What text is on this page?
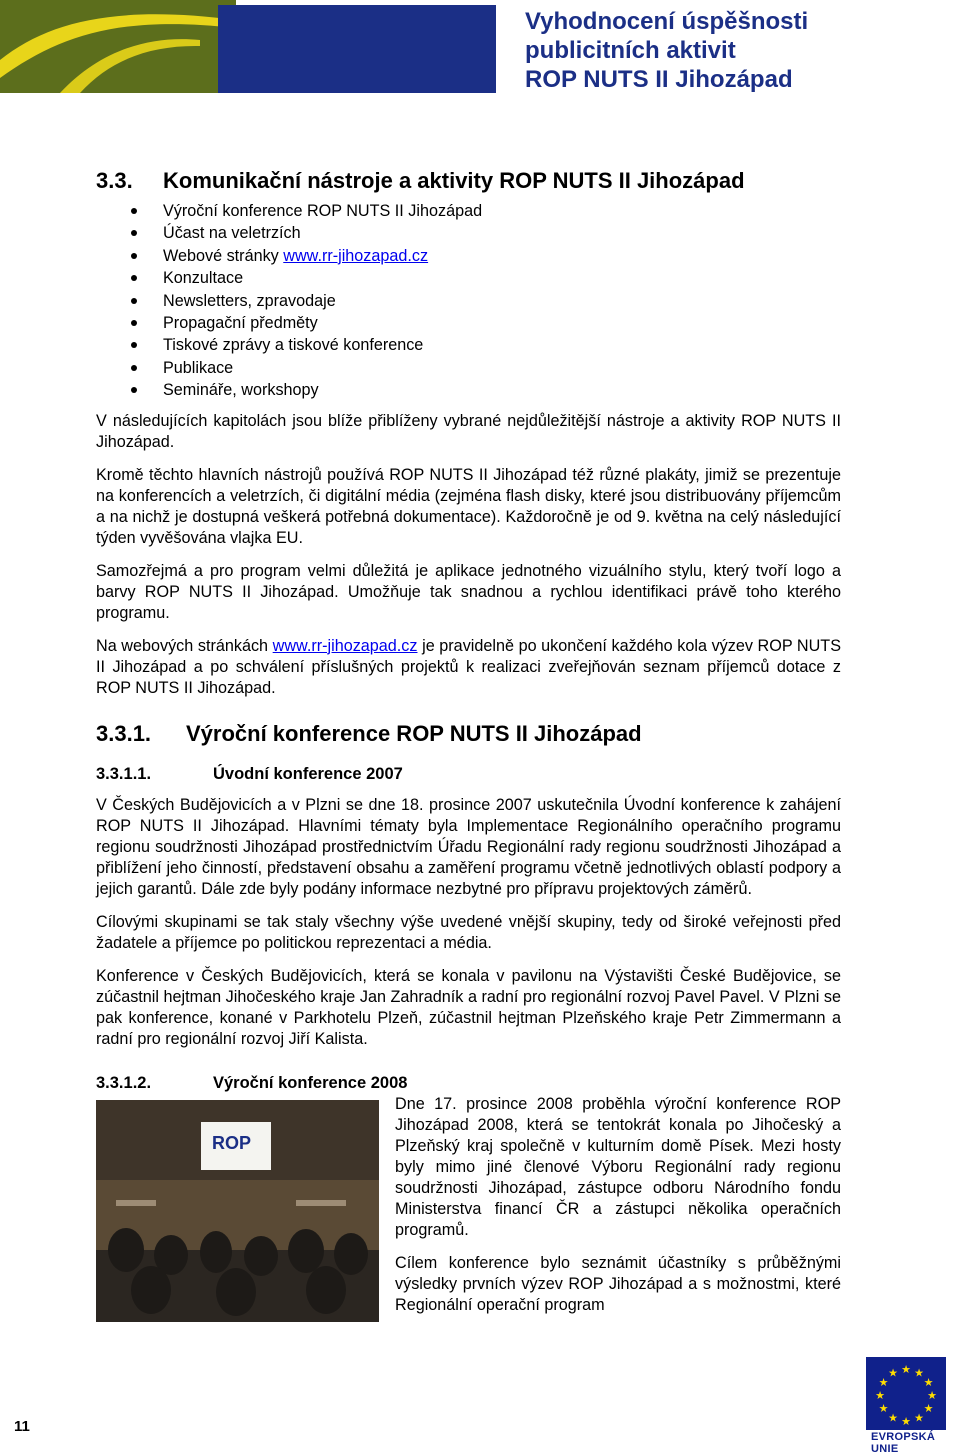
Vyhodnocení úspěšnosti
publicitních aktivit
ROP NUTS II Jihozápad
3.3. Komunikační nástroje a aktivity ROP NUTS II Jihozápad
Výroční konference ROP NUTS II Jihozápad
Účast na veletrzích
Webové stránky www.rr-jihozapad.cz
Konzultace
Newsletters, zpravodaje
Propagační předměty
Tiskové zprávy a tiskové konference
Publikace
Semináře, workshopy

V následujících kapitolách jsou blíže přiblíženy vybrané nejdůležitější nástroje a aktivity ROP NUTS II Jihozápad.

Kromě těchto hlavních nástrojů používá ROP NUTS II Jihozápad též různé plakáty, jimiž se prezentuje na konferencích a veletrzích, či digitální média (zejména flash disky, které jsou distribuovány příjemcům a na nichž je dostupná veškerá potřebná dokumentace). Každoročně je od 9. května na celý následující týden vyvěšována vlajka EU.

Samozřejmá a pro program velmi důležitá je aplikace jednotného vizuálního stylu, který tvoří logo a barvy ROP NUTS II Jihozápad. Umožňuje tak snadnou a rychlou identifikaci právě toho kterého programu.

Na webových stránkách www.rr-jihozapad.cz je pravidelně po ukončení každého kola výzev ROP NUTS II Jihozápad a po schválení příslušných projektů k realizaci zveřejňován seznam příjemců dotace z ROP NUTS II Jihozápad.

3.3.1. Výroční konference ROP NUTS II Jihozápad
3.3.1.1.	Úvodní konference 2007

V Českých Budějovicích a v Plzni se dne 18. prosince 2007 uskutečnila Úvodní konference k zahájení ROP NUTS II Jihozápad. Hlavními tématy byla Implementace Regionálního operačního programu regionu soudržnosti Jihozápad prostřednictvím Úřadu Regionální rady regionu soudržnosti Jihozápad a přiblížení jeho činností, představení obsahu a zaměření programu včetně jednotlivých oblastí podpory a jejich garantů. Dále zde byly podány informace nezbytné pro přípravu projektových záměrů.

Cílovými skupinami se tak staly všechny výše uvedené vnější skupiny, tedy od široké veřejnosti před žadatele a příjemce po politickou reprezentaci a média.

Konference v Českých Budějovicích, která se konala v pavilonu na Výstavišti České Budějovice, se zúčastnil hejtman Jihočeského kraje Jan Zahradník a radní pro regionální rozvoj Pavel Pavel. V Plzni se pak konference, konané v Parkhotelu Plzeň, zúčastnil hejtman Plzeňského kraje Petr Zimmermann a radní pro regionální rozvoj Jiří Kalista.

3.3.1.2.	Výroční konference 2008
ROP

Dne 17. prosince 2008 proběhla výroční konference ROP Jihozápad 2008, která se tentokrát konala po Jihočeský a Plzeňský kraj společně v kulturním domě Písek. Mezi hosty byly mimo jiné členové Výboru Regionální rady regionu soudržnosti Jihozápad, zástupce odboru Národního fondu Ministerstva financí ČR a zástupci několika operačních programů.

Cílem konference bylo seznámit účastníky s průběžnými výsledky prvních výzev ROP Jihozápad a s možnostmi, které Regionální operační program

11
★ ★
★
★
★
★
★
★
★
★
★
★
EVROPSKÁ UNIE
